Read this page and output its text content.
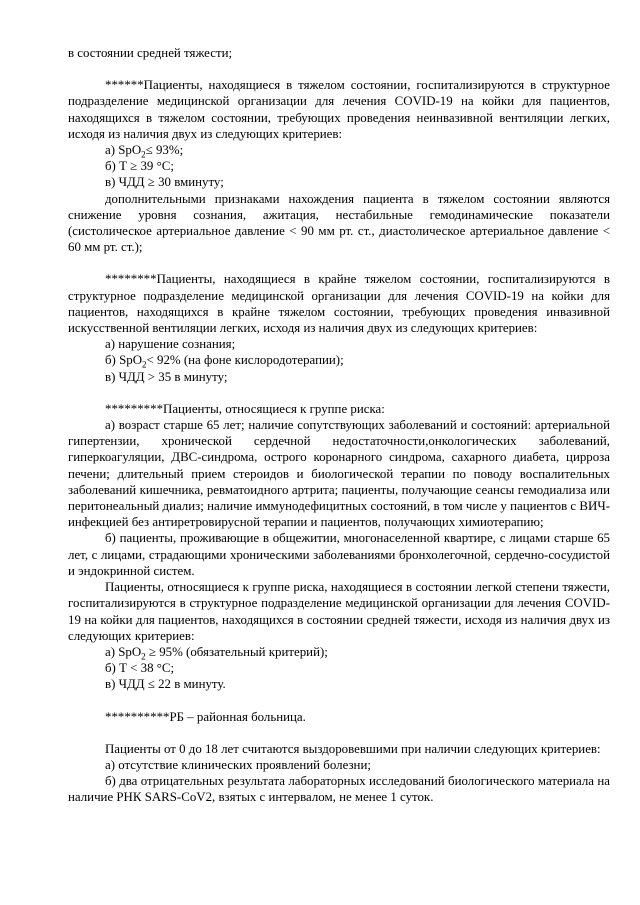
в состоянии средней тяжести;

******Пациенты, находящиеся в тяжелом состоянии, госпитализируются в структурное подразделение медицинской организации для лечения COVID-19 на койки для пациентов, находящихся в тяжелом состоянии, требующих проведения неинвазивной вентиляции легких, исходя из наличия двух из следующих критериев:

а) SpO$_2$≤ 93%;

б) Т ≥ 39 °С;

в) ЧДД ≥ 30 вминуту;

дополнительными признаками нахождения пациента в тяжелом состоянии являются снижение уровня сознания, ажитация, нестабильные гемодинамические показатели (систолическое артериальное давление < 90 мм рт. ст., диастолическое артериальное давление < 60 мм рт. ст.);

********Пациенты, находящиеся в крайне тяжелом состоянии, госпитализируются в структурное подразделение медицинской организации для лечения COVID-19 на койки для пациентов, находящихся в крайне тяжелом состоянии, требующих проведения инвазивной искусственной вентиляции легких, исходя из наличия двух из следующих критериев:

а) нарушение сознания;

б) SpO$_2$< 92% (на фоне кислородотерапии);

в) ЧДД > 35 в минуту;

*********Пациенты, относящиеся к группе риска:

а) возраст старше 65 лет; наличие сопутствующих заболеваний и состояний: артериальной гипертензии, хронической сердечной недостаточности,онкологических заболеваний, гиперкоагуляции, ДВС-синдрома, острого коронарного синдрома, сахарного диабета, цирроза печени; длительный прием стероидов и биологической терапии по поводу воспалительных заболеваний кишечника, ревматоидного артрита; пациенты, получающие сеансы гемодиализа или перитонеальный диализ; наличие иммунодефицитных состояний, в том числе у пациентов с ВИЧ-инфекцией без антиретровирусной терапии и пациентов, получающих химиотерапию;

б) пациенты, проживающие в общежитии, многонаселенной квартире, с лицами старше 65 лет, с лицами, страдающими хроническими заболеваниями бронхолегочной, сердечно-сосудистой и эндокринной систем.

Пациенты, относящиеся к группе риска, находящиеся в состоянии легкой степени тяжести, госпитализируются в структурное подразделение медицинской организации для лечения COVID-19 на койки для пациентов, находящихся в состоянии средней тяжести, исходя из наличия двух из следующих критериев:

а) SpO$_2$ ≥ 95% (обязательный критерий);

б) Т < 38 °С;

в) ЧДД ≤ 22 в минуту.

**********РБ – районная больница.

Пациенты от 0 до 18 лет считаются выздоровевшими при наличии следующих критериев:

а) отсутствие клинических проявлений болезни;

б) два отрицательных результата лабораторных исследований биологического материала на наличие РНК SARS-CoV2, взятых с интервалом, не менее 1 суток.
